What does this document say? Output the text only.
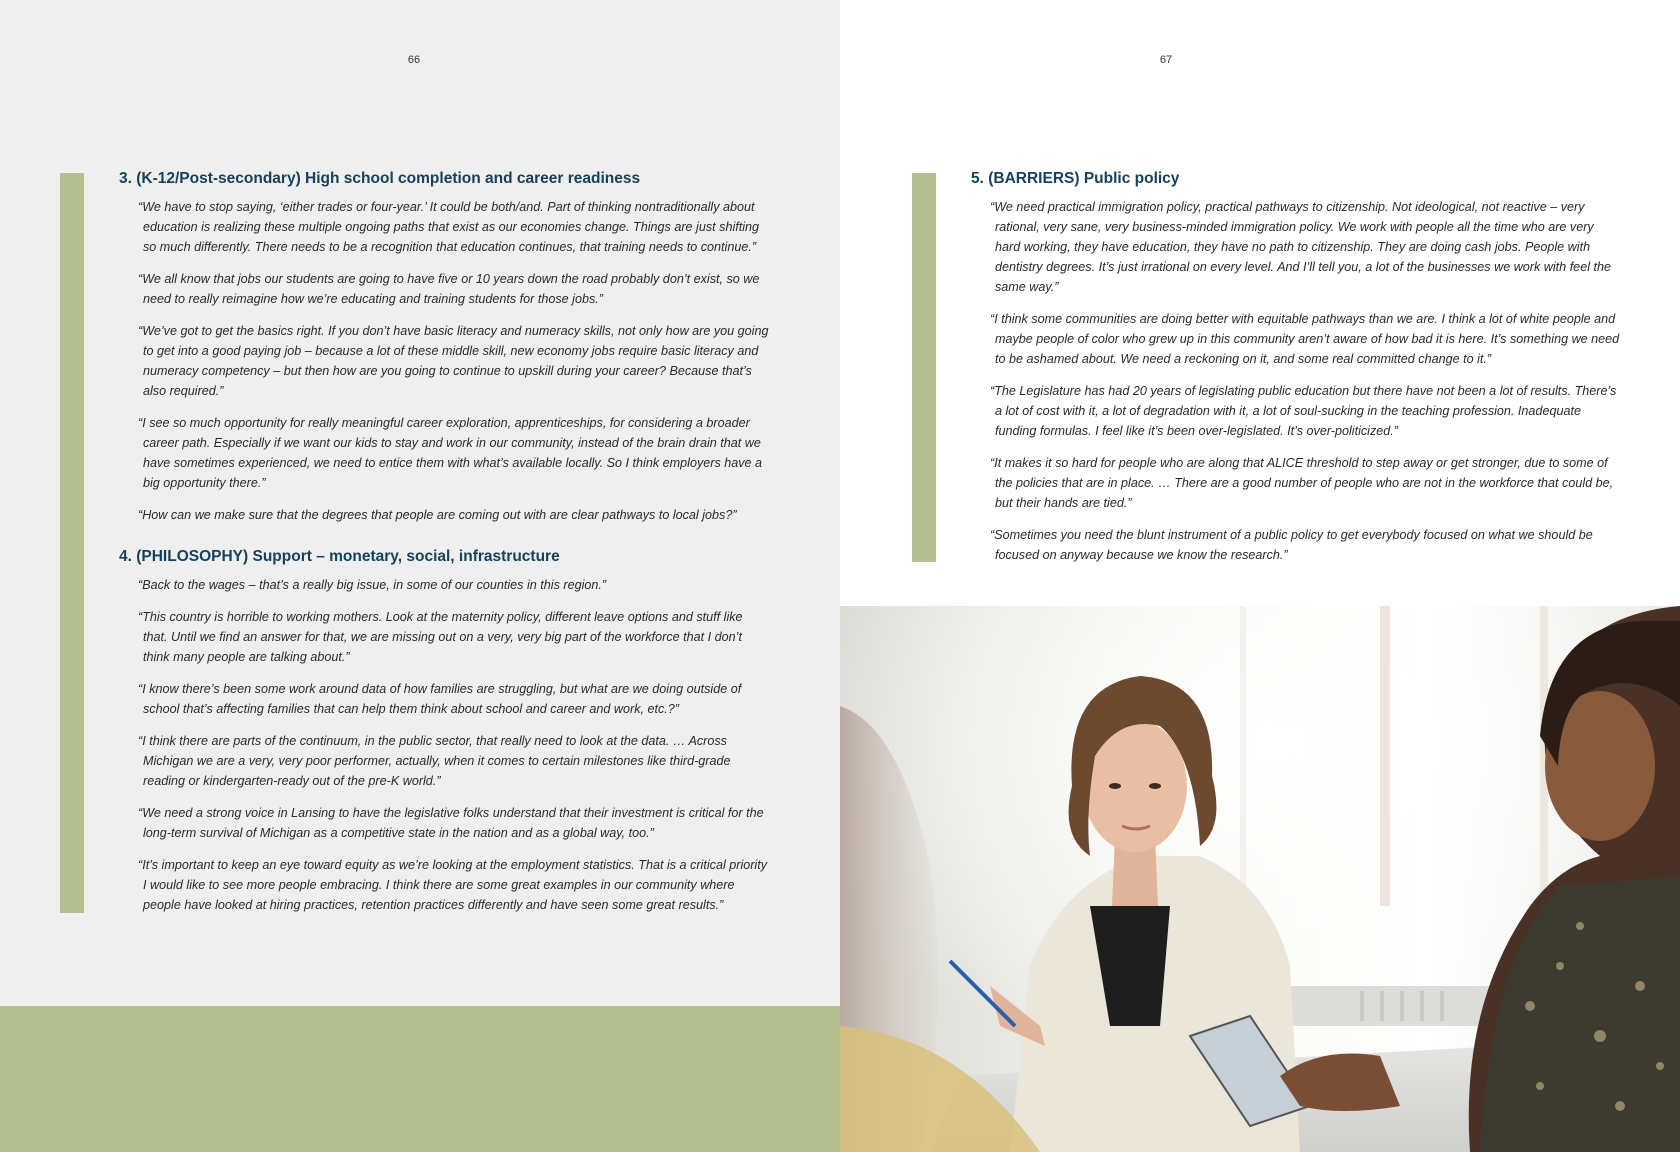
66

3. (K-12/Post-secondary) High school completion and career readiness

“We have to stop saying, ‘either trades or four-year.’ It could be both/and. Part of thinking nontraditionally about education is realizing these multiple ongoing paths that exist as our economies change. Things are just shifting so much differently. There needs to be a recognition that education continues, that training needs to continue.”

“We all know that jobs our students are going to have five or 10 years down the road probably don’t exist, so we need to really reimagine how we’re educating and training students for those jobs.”

“We’ve got to get the basics right. If you don’t have basic literacy and numeracy skills, not only how are you going to get into a good paying job – because a lot of these middle skill, new economy jobs require basic literacy and numeracy competency – but then how are you going to continue to upskill during your career? Because that’s also required.”

“I see so much opportunity for really meaningful career exploration, apprenticeships, for considering a broader career path. Especially if we want our kids to stay and work in our community, instead of the brain drain that we have sometimes experienced, we need to entice them with what’s available locally. So I think employers have a big opportunity there.”

“How can we make sure that the degrees that people are coming out with are clear pathways to local jobs?”

4. (PHILOSOPHY) Support – monetary, social, infrastructure

“Back to the wages – that’s a really big issue, in some of our counties in this region.”

“This country is horrible to working mothers. Look at the maternity policy, different leave options and stuff like that. Until we find an answer for that, we are missing out on a very, very big part of the workforce that I don’t think many people are talking about.”

“I know there’s been some work around data of how families are struggling, but what are we doing outside of school that’s affecting families that can help them think about school and career and work, etc.?”

“I think there are parts of the continuum, in the public sector, that really need to look at the data. … Across Michigan we are a very, very poor performer, actually, when it comes to certain milestones like third-grade reading or kindergarten-ready out of the pre-K world.”

“We need a strong voice in Lansing to have the legislative folks understand that their investment is critical for the long-term survival of Michigan as a competitive state in the nation and as a global way, too.”

“It’s important to keep an eye toward equity as we’re looking at the employment statistics. That is a critical priority I would like to see more people embracing. I think there are some great examples in our community where people have looked at hiring practices, retention practices differently and have seen some great results.”

67

5. (BARRIERS) Public policy

“We need practical immigration policy, practical pathways to citizenship. Not ideological, not reactive – very rational, very sane, very business-minded immigration policy. We work with people all the time who are very hard working, they have education, they have no path to citizenship. They are doing cash jobs. People with dentistry degrees. It’s just irrational on every level. And I’ll tell you, a lot of the businesses we work with feel the same way.”

“I think some communities are doing better with equitable pathways than we are. I think a lot of white people and maybe people of color who grew up in this community aren’t aware of how bad it is here. It’s something we need to be ashamed about. We need a reckoning on it, and some real committed change to it.”

“The Legislature has had 20 years of legislating public education but there have not been a lot of results. There’s a lot of cost with it, a lot of degradation with it, a lot of soul-sucking in the teaching profession. Inadequate funding formulas. I feel like it’s been over-legislated. It’s over-politicized.”

“It makes it so hard for people who are along that ALICE threshold to step away or get stronger, due to some of the policies that are in place. … There are a good number of people who are not in the workforce that could be, but their hands are tied.”

“Sometimes you need the blunt instrument of a public policy to get everybody focused on what we should be focused on anyway because we know the research.”
